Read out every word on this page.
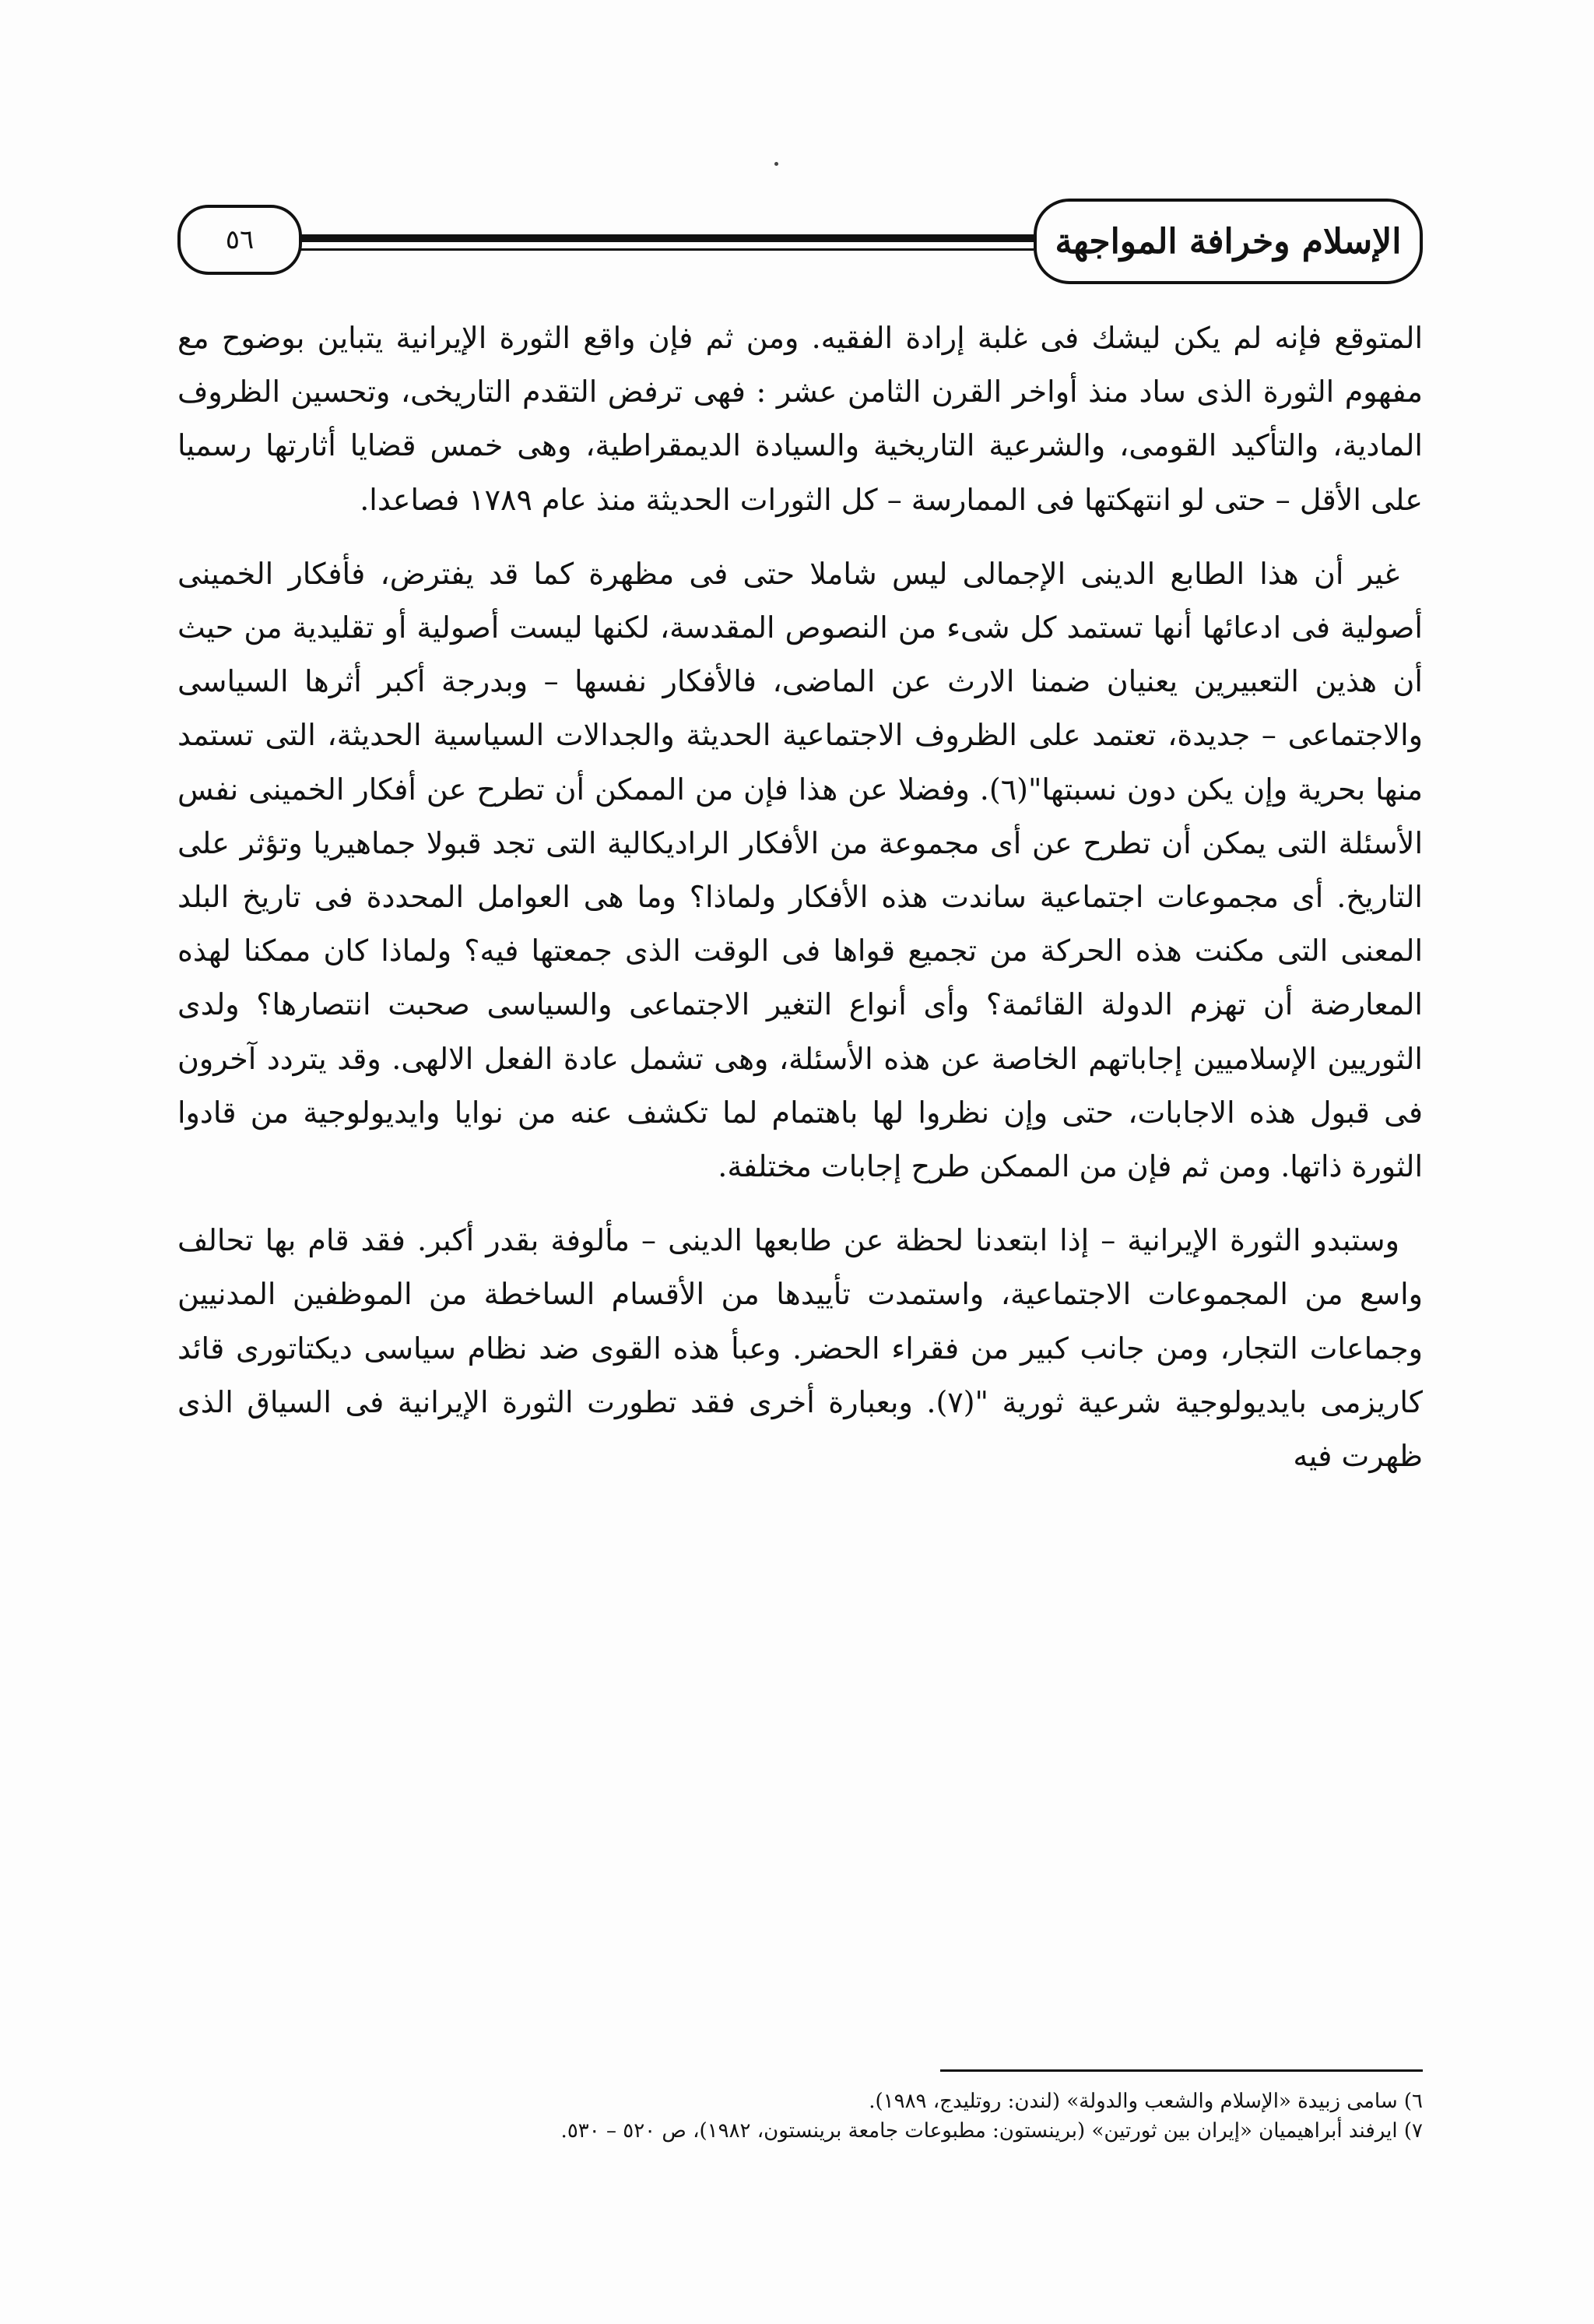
٥٦	الإسلام وخرافة المواجهة

المتوقع فإنه لم يكن ليشك فى غلبة إرادة الفقيه. ومن ثم فإن واقع الثورة الإيرانية يتباين بوضوح مع مفهوم الثورة الذى ساد منذ أواخر القرن الثامن عشر : فهى ترفض التقدم التاريخى، وتحسين الظروف المادية، والتأكيد القومى، والشرعية التاريخية والسيادة الديمقراطية، وهى خمس قضايا أثارتها رسميا على الأقل – حتى لو انتهكتها فى الممارسة – كل الثورات الحديثة منذ عام ١٧٨٩ فصاعدا.

غير أن هذا الطابع الدينى الإجمالى ليس شاملا حتى فى مظهرة كما قد يفترض، فأفكار الخمينى أصولية فى ادعائها أنها تستمد كل شىء من النصوص المقدسة، لكنها ليست أصولية أو تقليدية من حيث أن هذين التعبيرين يعنيان ضمنا الارث عن الماضى، فالأفكار نفسها – وبدرجة أكبر أثرها السياسى والاجتماعى – جديدة، تعتمد على الظروف الاجتماعية الحديثة والجدالات السياسية الحديثة، التى تستمد منها بحرية وإن يكن دون نسبتها"(٦). وفضلا عن هذا فإن من الممكن أن تطرح عن أفكار الخمينى نفس الأسئلة التى يمكن أن تطرح عن أى مجموعة من الأفكار الراديكالية التى تجد قبولا جماهيريا وتؤثر على التاريخ. أى مجموعات اجتماعية ساندت هذه الأفكار ولماذا؟ وما هى العوامل المحددة فى تاريخ البلد المعنى التى مكنت هذه الحركة من تجميع قواها فى الوقت الذى جمعتها فيه؟ ولماذا كان ممكنا لهذه المعارضة أن تهزم الدولة القائمة؟ وأى أنواع التغير الاجتماعى والسياسى صحبت انتصارها؟ ولدى الثوريين الإسلاميين إجاباتهم الخاصة عن هذه الأسئلة، وهى تشمل عادة الفعل الالهى. وقد يتردد آخرون فى قبول هذه الاجابات، حتى وإن نظروا لها باهتمام لما تكشف عنه من نوايا وايديولوجية من قادوا الثورة ذاتها. ومن ثم فإن من الممكن طرح إجابات مختلفة.

وستبدو الثورة الإيرانية – إذا ابتعدنا لحظة عن طابعها الدينى – مألوفة بقدر أكبر. فقد قام بها تحالف واسع من المجموعات الاجتماعية، واستمدت تأييدها من الأقسام الساخطة من الموظفين المدنيين وجماعات التجار، ومن جانب كبير من فقراء الحضر. وعبأ هذه القوى ضد نظام سياسى ديكتاتورى قائد كاريزمى بايديولوجية شرعية ثورية "(٧). وبعبارة أخرى فقد تطورت الثورة الإيرانية فى السياق الذى ظهرت فيه

٦) سامى زبيدة «الإسلام والشعب والدولة» (لندن: روتليدج، ١٩٨٩).
٧) ايرفند أبراهيميان «إيران بين ثورتين» (برينستون: مطبوعات جامعة برينستون، ١٩٨٢)، ص ٥٢٠ – ٥٣٠.
